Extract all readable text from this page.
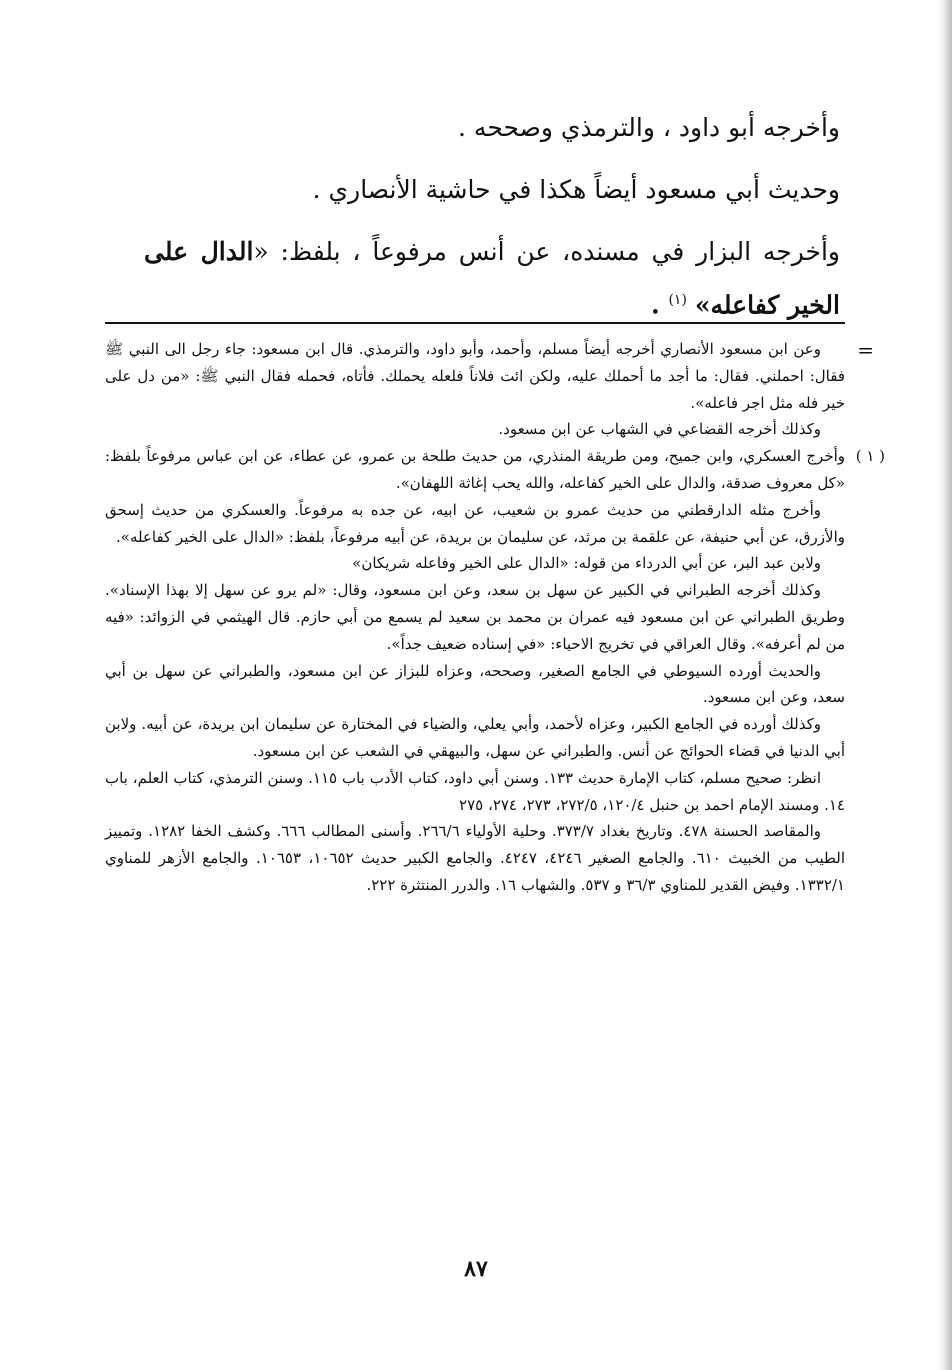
وأخرجه أبو داود ، والترمذي وصححه .

وحديث أبي مسعود أيضاً هكذا في حاشية الأنصاري .

وأخرجه البزار في مسنده، عن أنس مرفوعاً ، بلفظ: «الدال على الخير كفاعله» $^{(١)}$ .

=

وعن ابن مسعود الأنصاري أخرجه أيضاً مسلم، وأحمد، وأبو داود، والترمذي. قال ابن مسعود: جاء رجل الى النبي ﷺ فقال: احملني. فقال: ما أجد ما أحملك عليه، ولكن ائت فلاناً فلعله يحملك. فأتاه، فحمله فقال النبي ﷺ: «من دل على خير فله مثل اجر فاعله».

وكذلك أخرجه القضاعي في الشهاب عن ابن مسعود.

( ١ )

وأخرج العسكري، وابن جميح، ومن طريقة المنذري، من حديث طلحة بن عمرو، عن عطاء، عن ابن عباس مرفوعاً بلفظ: «كل معروف صدقة، والدال على الخير كفاعله، والله يحب إغاثة اللهفان».

وأخرج مثله الدارقطني من حديث عمرو بن شعيب، عن ابيه، عن جده به مرفوعاً. والعسكري من حديث إسحق والأزرق، عن أبي حنيفة، عن علقمة بن مرثد، عن سليمان بن بريدة، عن أبيه مرفوعاً، بلفظ: «الدال على الخير كفاعله».

ولابن عبد البر، عن أبي الدرداء من قوله: «الدال على الخير وفاعله شريكان»

وكذلك أخرجه الطبراني في الكبير عن سهل بن سعد، وعن ابن مسعود، وقال: «لم يرو عن سهل إلا بهذا الإسناد». وطريق الطبراني عن ابن مسعود فيه عمران بن محمد بن سعيد لم يسمع من أبي حازم. قال الهيثمي في الزوائد: «فيه من لم أعرفه». وقال العراقي في تخريج الاحياء: «في إسناده ضعيف جداً».

والحديث أورده السيوطي في الجامع الصغير، وصححه، وعزاه للبزاز عن ابن مسعود، والطبراني عن سهل بن أبي سعد، وعن ابن مسعود.

وكذلك أورده في الجامع الكبير، وعزاه لأحمد، وأبي يعلي، والضياء في المختارة عن سليمان ابن بريدة، عن أبيه. ولابن أبي الدنيا في قضاء الحوائج عن أنس. والطبراني عن سهل، والبيهقي في الشعب عن ابن مسعود.

انظر: صحيح مسلم، كتاب الإمارة حديث ١٣٣. وسنن أبي داود، كتاب الأدب باب ١١٥. وسنن الترمذي، كتاب العلم، باب ١٤. ومسند الإمام احمد بن حنبل ١٢٠/٤، ٢٧٢/٥، ٢٧٣، ٢٧٤، ٢٧٥

والمقاصد الحسنة ٤٧٨. وتاريخ بغداد ٣٧٣/٧. وحلية الأولياء ٢٦٦/٦. وأسنى المطالب ٦٦٦. وكشف الخفا ١٢٨٢. وتمييز الطيب من الخبيث ٦١٠. والجامع الصغير ٤٢٤٦، ٤٢٤٧. والجامع الكبير حديث ١٠٦٥٢، ١٠٦٥٣. والجامع الأزهر للمناوي ١٣٣٢/١. وفيض القدير للمناوي ٣٦/٣ و ٥٣٧. والشهاب ١٦. والدرر المنتثرة ٢٢٢.

٨٧
